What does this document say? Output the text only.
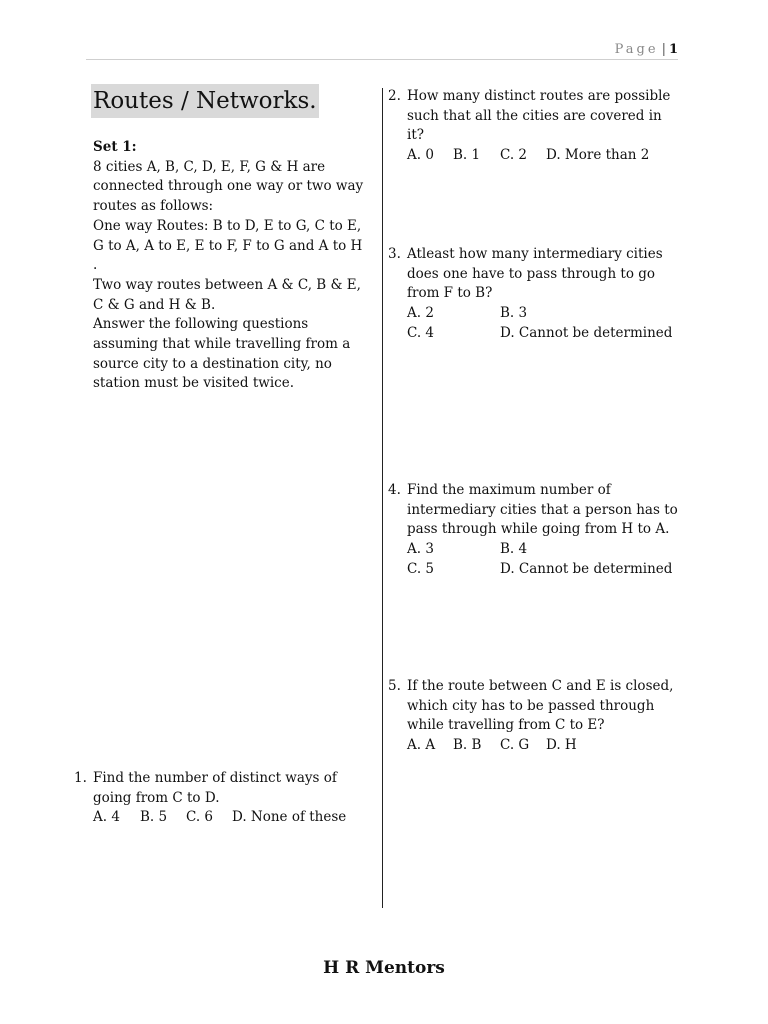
Page | 1
Routes / Networks.
Set 1:

8 cities A, B, C, D, E, F, G & H are connected through one way or two way routes as follows:

One way Routes: B to D, E to G, C to E, G to A, A to E, E to F, F to G and A to H .

Two way routes between A & C, B & E, C & G and H & B.

Answer the following questions assuming that while travelling from a source city to a destination city, no station must be visited twice.

1. Find the number of distinct ways of going from C to D.
A. 4	B. 5	C. 6	D. None of these
2. How many distinct routes are possible such that all the cities are covered in it?
A. 0	B. 1	C. 2	D. More than 2
3. Atleast how many intermediary cities does one have to pass through to go from F to B?
A. 2	B. 3
C. 4	D. Cannot be determined
4. Find the maximum number of intermediary cities that a person has to pass through while going from H to A.
A. 3	B. 4
C. 5	D. Cannot be determined
5. If the route between C and E is closed, which city has to be passed through while travelling from C to E?
A. A	B. B	C. G	D. H
H R Mentors
